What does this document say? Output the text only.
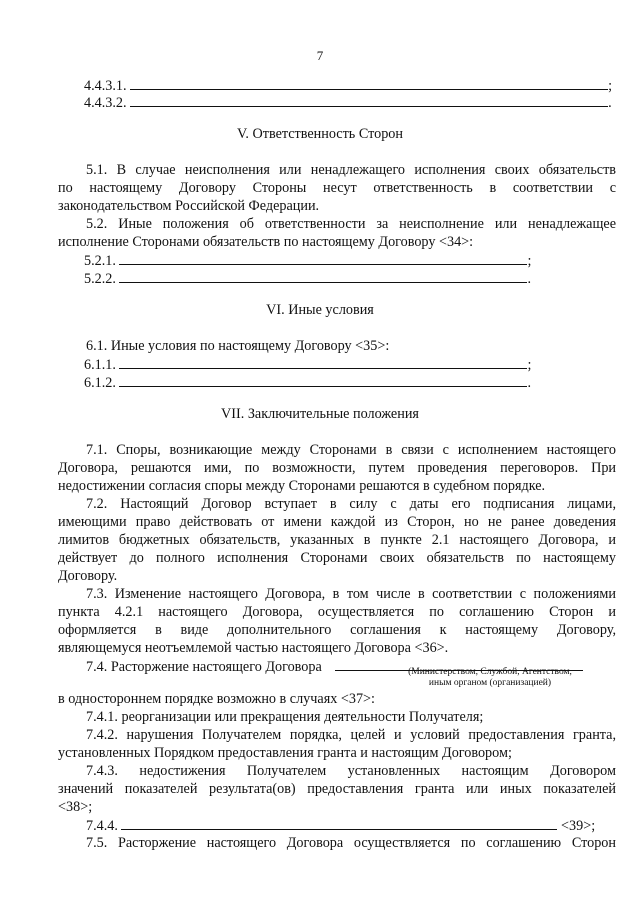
7
4.4.3.1.	;
4.4.3.2.	.
V. Ответственность Сторон
5.1. В случае неисполнения или ненадлежащего исполнения своих обязательств
по настоящему Договору Стороны несут ответственность в соответствии с
законодательством Российской Федерации.
5.2. Иные положения об ответственности за неисполнение или ненадлежащее
исполнение Сторонами обязательств по настоящему Договору <34>:
5.2.1.	;
5.2.2.	.
VI. Иные условия
6.1. Иные условия по настоящему Договору <35>:
6.1.1.	;
6.1.2.	.
VII. Заключительные положения
7.1. Споры, возникающие между Сторонами в связи с исполнением настоящего
Договора, решаются ими, по возможности, путем проведения переговоров. При
недостижении согласия споры между Сторонами решаются в судебном порядке.
7.2. Настоящий Договор вступает в силу с даты его подписания лицами,
имеющими право действовать от имени каждой из Сторон, но не ранее доведения
лимитов бюджетных обязательств, указанных в пункте 2.1 настоящего Договора, и
действует до полного исполнения Сторонами своих обязательств по настоящему
Договору.
7.3. Изменение настоящего Договора, в том числе в соответствии с положениями
пункта 4.2.1 настоящего Договора, осуществляется по соглашению Сторон и
оформляется в виде дополнительного соглашения к настоящему Договору,
являющемуся неотъемлемой частью настоящего Договора <36>.
7.4. Расторжение настоящего Договора	(Министерством, Службой, Агентством,
иным органом (организацией)
в одностороннем порядке возможно в случаях <37>:
7.4.1. реорганизации или прекращения деятельности Получателя;
7.4.2. нарушения Получателем порядка, целей и условий предоставления гранта,
установленных Порядком предоставления гранта и настоящим Договором;
7.4.3. недостижения Получателем установленных настоящим Договором
значений показателей результата(ов) предоставления гранта или иных показателей
<38>;
7.4.4.	<39>;
7.5. Расторжение настоящего Договора осуществляется по соглашению Сторон
